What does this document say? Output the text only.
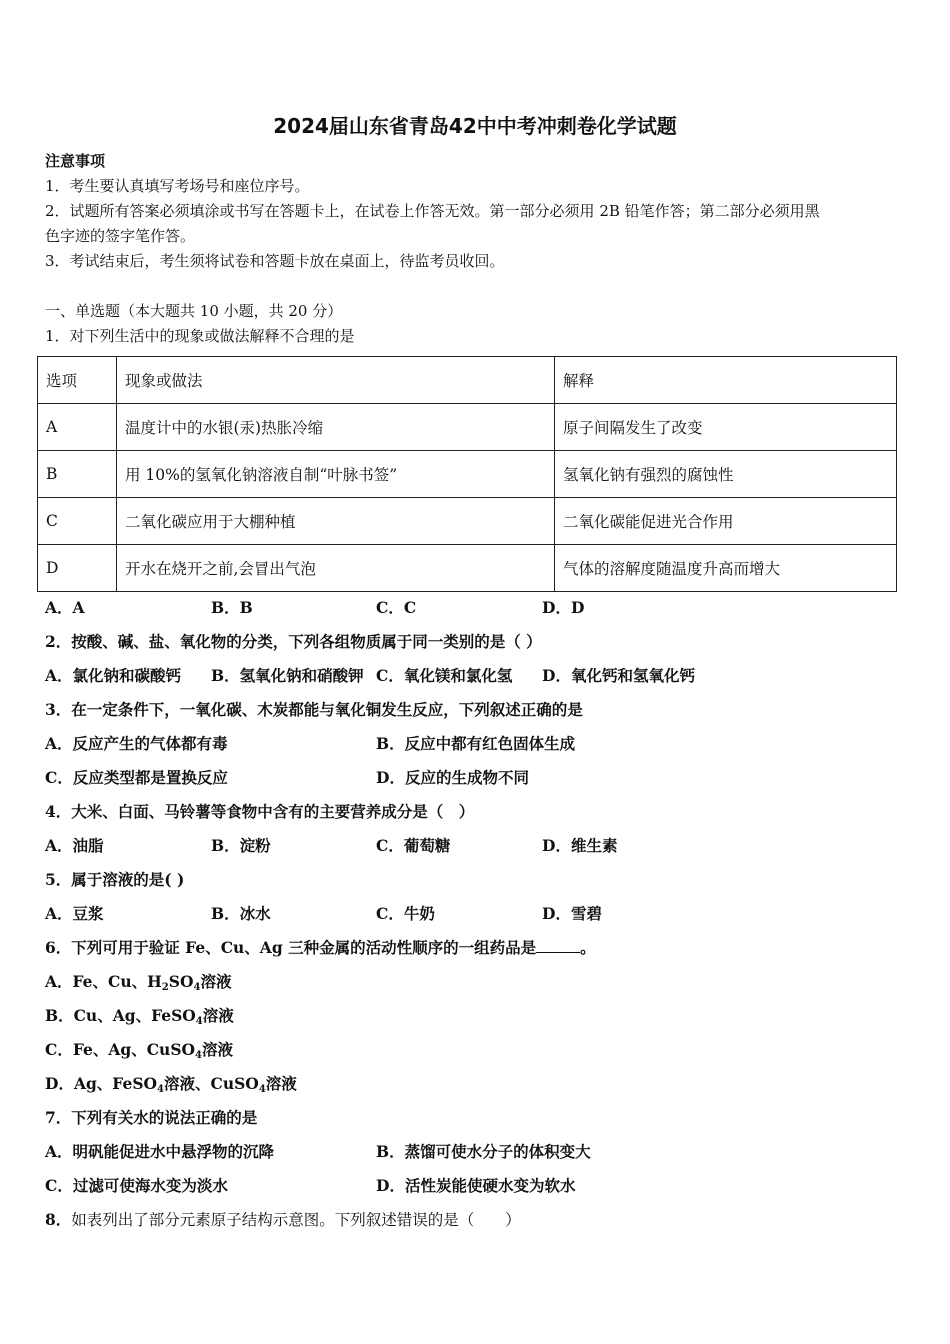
2024届山东省青岛42中中考冲刺卷化学试题
注意事项
1．考生要认真填写考场号和座位序号。
2．试题所有答案必须填涂或书写在答题卡上，在试卷上作答无效。第一部分必须用 2B 铅笔作答；第二部分必须用黑
色字迹的签字笔作答。
3．考试结束后，考生须将试卷和答题卡放在桌面上，待监考员收回。
一、单选题（本大题共 10 小题，共 20 分）
1．对下列生活中的现象或做法解释不合理的是
选项	现象或做法	解释
A	温度计中的水银(汞)热胀冷缩	原子间隔发生了改变
B	用 10%的氢氧化钠溶液自制“叶脉书签”	氢氧化钠有强烈的腐蚀性
C	二氧化碳应用于大棚种植	二氧化碳能促进光合作用
D	开水在烧开之前,会冒出气泡	气体的溶解度随温度升高而增大
A．A	B．B	C．C	D．D
2．按酸、碱、盐、氧化物的分类，下列各组物质属于同一类别的是（ ）
A．氯化钠和碳酸钙 B．氢氧化钠和硝酸钾 C．氧化镁和氯化氢 D．氧化钙和氢氧化钙
3．在一定条件下，一氧化碳、木炭都能与氧化铜发生反应，下列叙述正确的是
A．反应产生的气体都有毒	B．反应中都有红色固体生成
C．反应类型都是置换反应	D．反应的生成物不同
4．大米、白面、马铃薯等食物中含有的主要营养成分是（　）
A．油脂	B．淀粉	C．葡萄糖	D．维生素
5．属于溶液的是( )
A．豆浆	B．冰水	C．牛奶	D．雪碧
6．下列可用于验证 Fe、Cu、Ag 三种金属的活动性顺序的一组药品是	。
A．Fe、Cu、$H_2SO_4$溶液
B．Cu、Ag、FeSO$_4$溶液
C．Fe、Ag、CuSO$_4$溶液
D．Ag、FeSO$_4$溶液、CuSO$_4$溶液
7．下列有关水的说法正确的是
A．明矾能促进水中悬浮物的沉降	B．蒸馏可使水分子的体积变大
C．过滤可使海水变为淡水	D．活性炭能使硬水变为软水
8．如表列出了部分元素原子结构示意图。下列叙述错误的是（　　）
